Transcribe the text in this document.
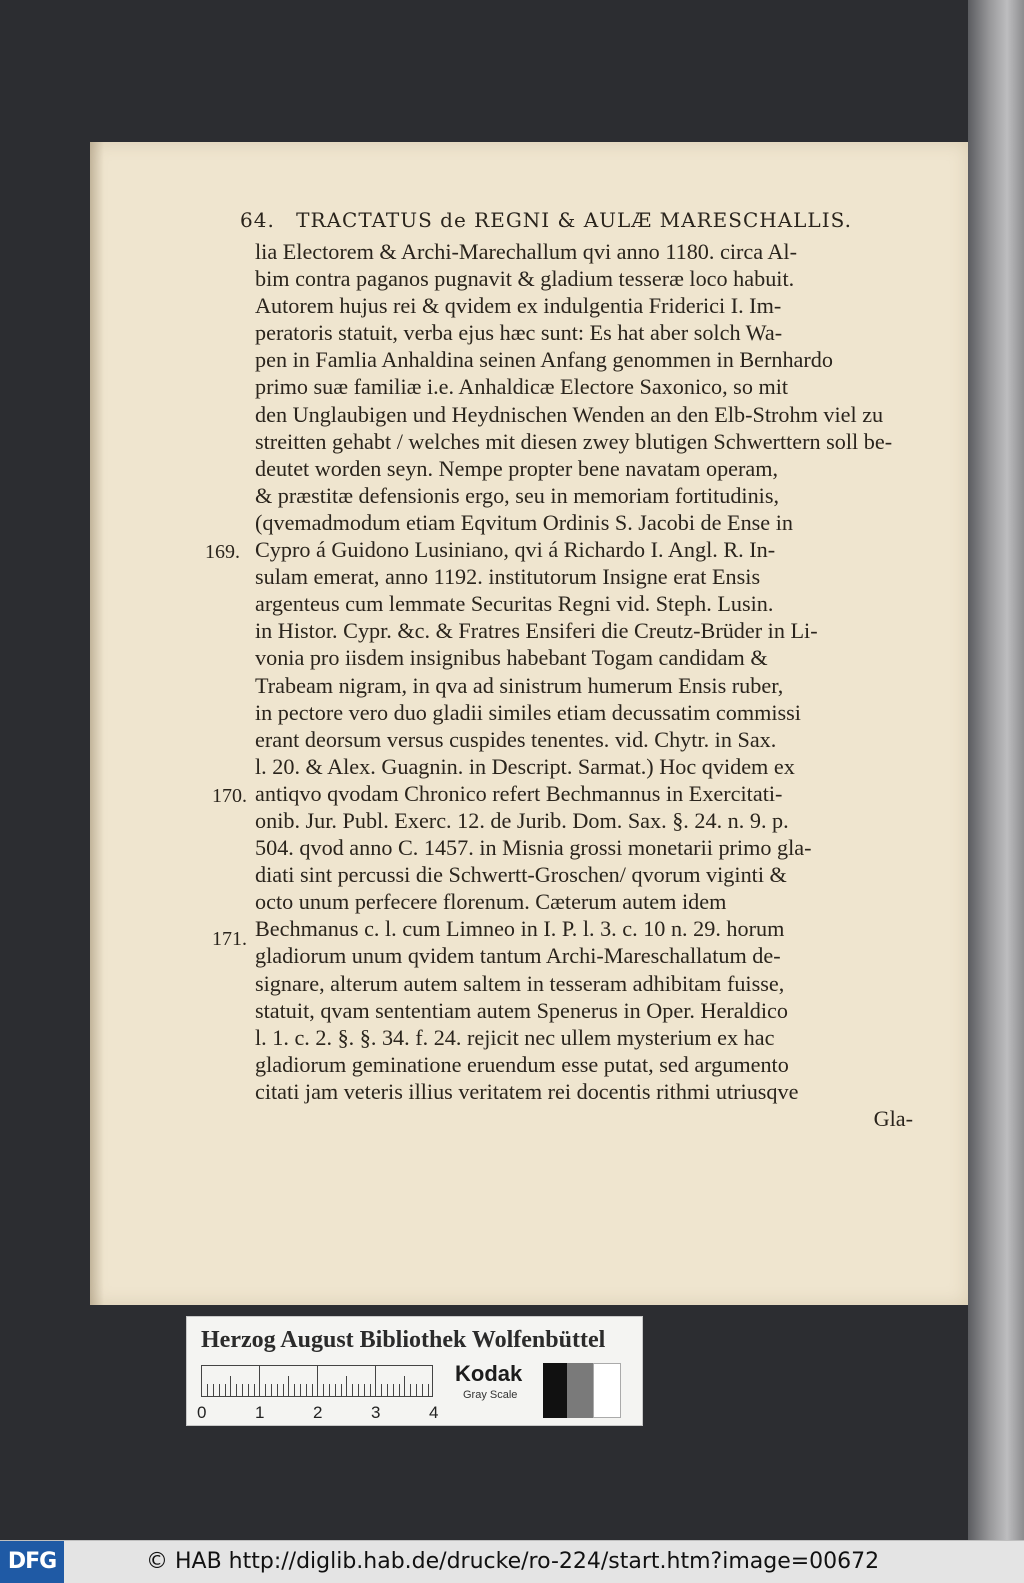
64. TRACTATUS de REGNI & AULÆ MARESCHALLIS.
lia Electorem & Archi-Marechallum qvi anno 1180. circa Al-
bim contra paganos pugnavit & gladium tesseræ loco habuit.
Autorem hujus rei & qvidem ex indulgentia Friderici I. Im-
peratoris statuit, verba ejus hæc sunt: Es hat aber solch Wa-
pen in Famlia Anhaldina seinen Anfang genommen in Bernhardo
primo suæ familiæ i.e. Anhaldicæ Electore Saxonico, so mit
den Unglaubigen und Heydnischen Wenden an den Elb-Strohm viel zu
streitten gehabt / welches mit diesen zwey blutigen Schwerttern soll be-
deutet worden seyn. Nempe propter bene navatam operam,
& præstitæ defensionis ergo, seu in memoriam fortitudinis,
(qvemadmodum etiam Eqvitum Ordinis S. Jacobi de Ense in
Cypro á Guidono Lusiniano, qvi á Richardo I. Angl. R. In-
sulam emerat, anno 1192. institutorum Insigne erat Ensis
argenteus cum lemmate Securitas Regni vid. Steph. Lusin.
in Histor. Cypr. &c. & Fratres Ensiferi die Creutz-Brüder in Li-
vonia pro iisdem insignibus habebant Togam candidam &
Trabeam nigram, in qva ad sinistrum humerum Ensis ruber,
in pectore vero duo gladii similes etiam decussatim commissi
erant deorsum versus cuspides tenentes. vid. Chytr. in Sax.
l. 20. & Alex. Guagnin. in Descript. Sarmat.) Hoc qvidem ex
antiqvo qvodam Chronico refert Bechmannus in Exercitati-
onib. Jur. Publ. Exerc. 12. de Jurib. Dom. Sax. §. 24. n. 9. p.
504. qvod anno C. 1457. in Misnia grossi monetarii primo gla-
diati sint percussi die Schwertt-Groschen/ qvorum viginti &
octo unum perfecere florenum. Cæterum autem idem
Bechmanus c. l. cum Limneo in I. P. l. 3. c. 10 n. 29. horum
gladiorum unum qvidem tantum Archi-Mareschallatum de-
signare, alterum autem saltem in tesseram adhibitam fuisse,
statuit, qvam sententiam autem Spenerus in Oper. Heraldico
l. 1. c. 2. §. §. 34. f. 24. rejicit nec ullem mysterium ex hac
gladiorum geminatione eruendum esse putat, sed argumento
citati jam veteris illius veritatem rei docentis rithmi utriusqve
Gla-
169.
170.
171.
Herzog August Bibliothek Wolfenbüttel
0	1	2	3	4
Kodak
Gray Scale
DFG	© HAB http://diglib.hab.de/drucke/ro-224/start.htm?image=00672
